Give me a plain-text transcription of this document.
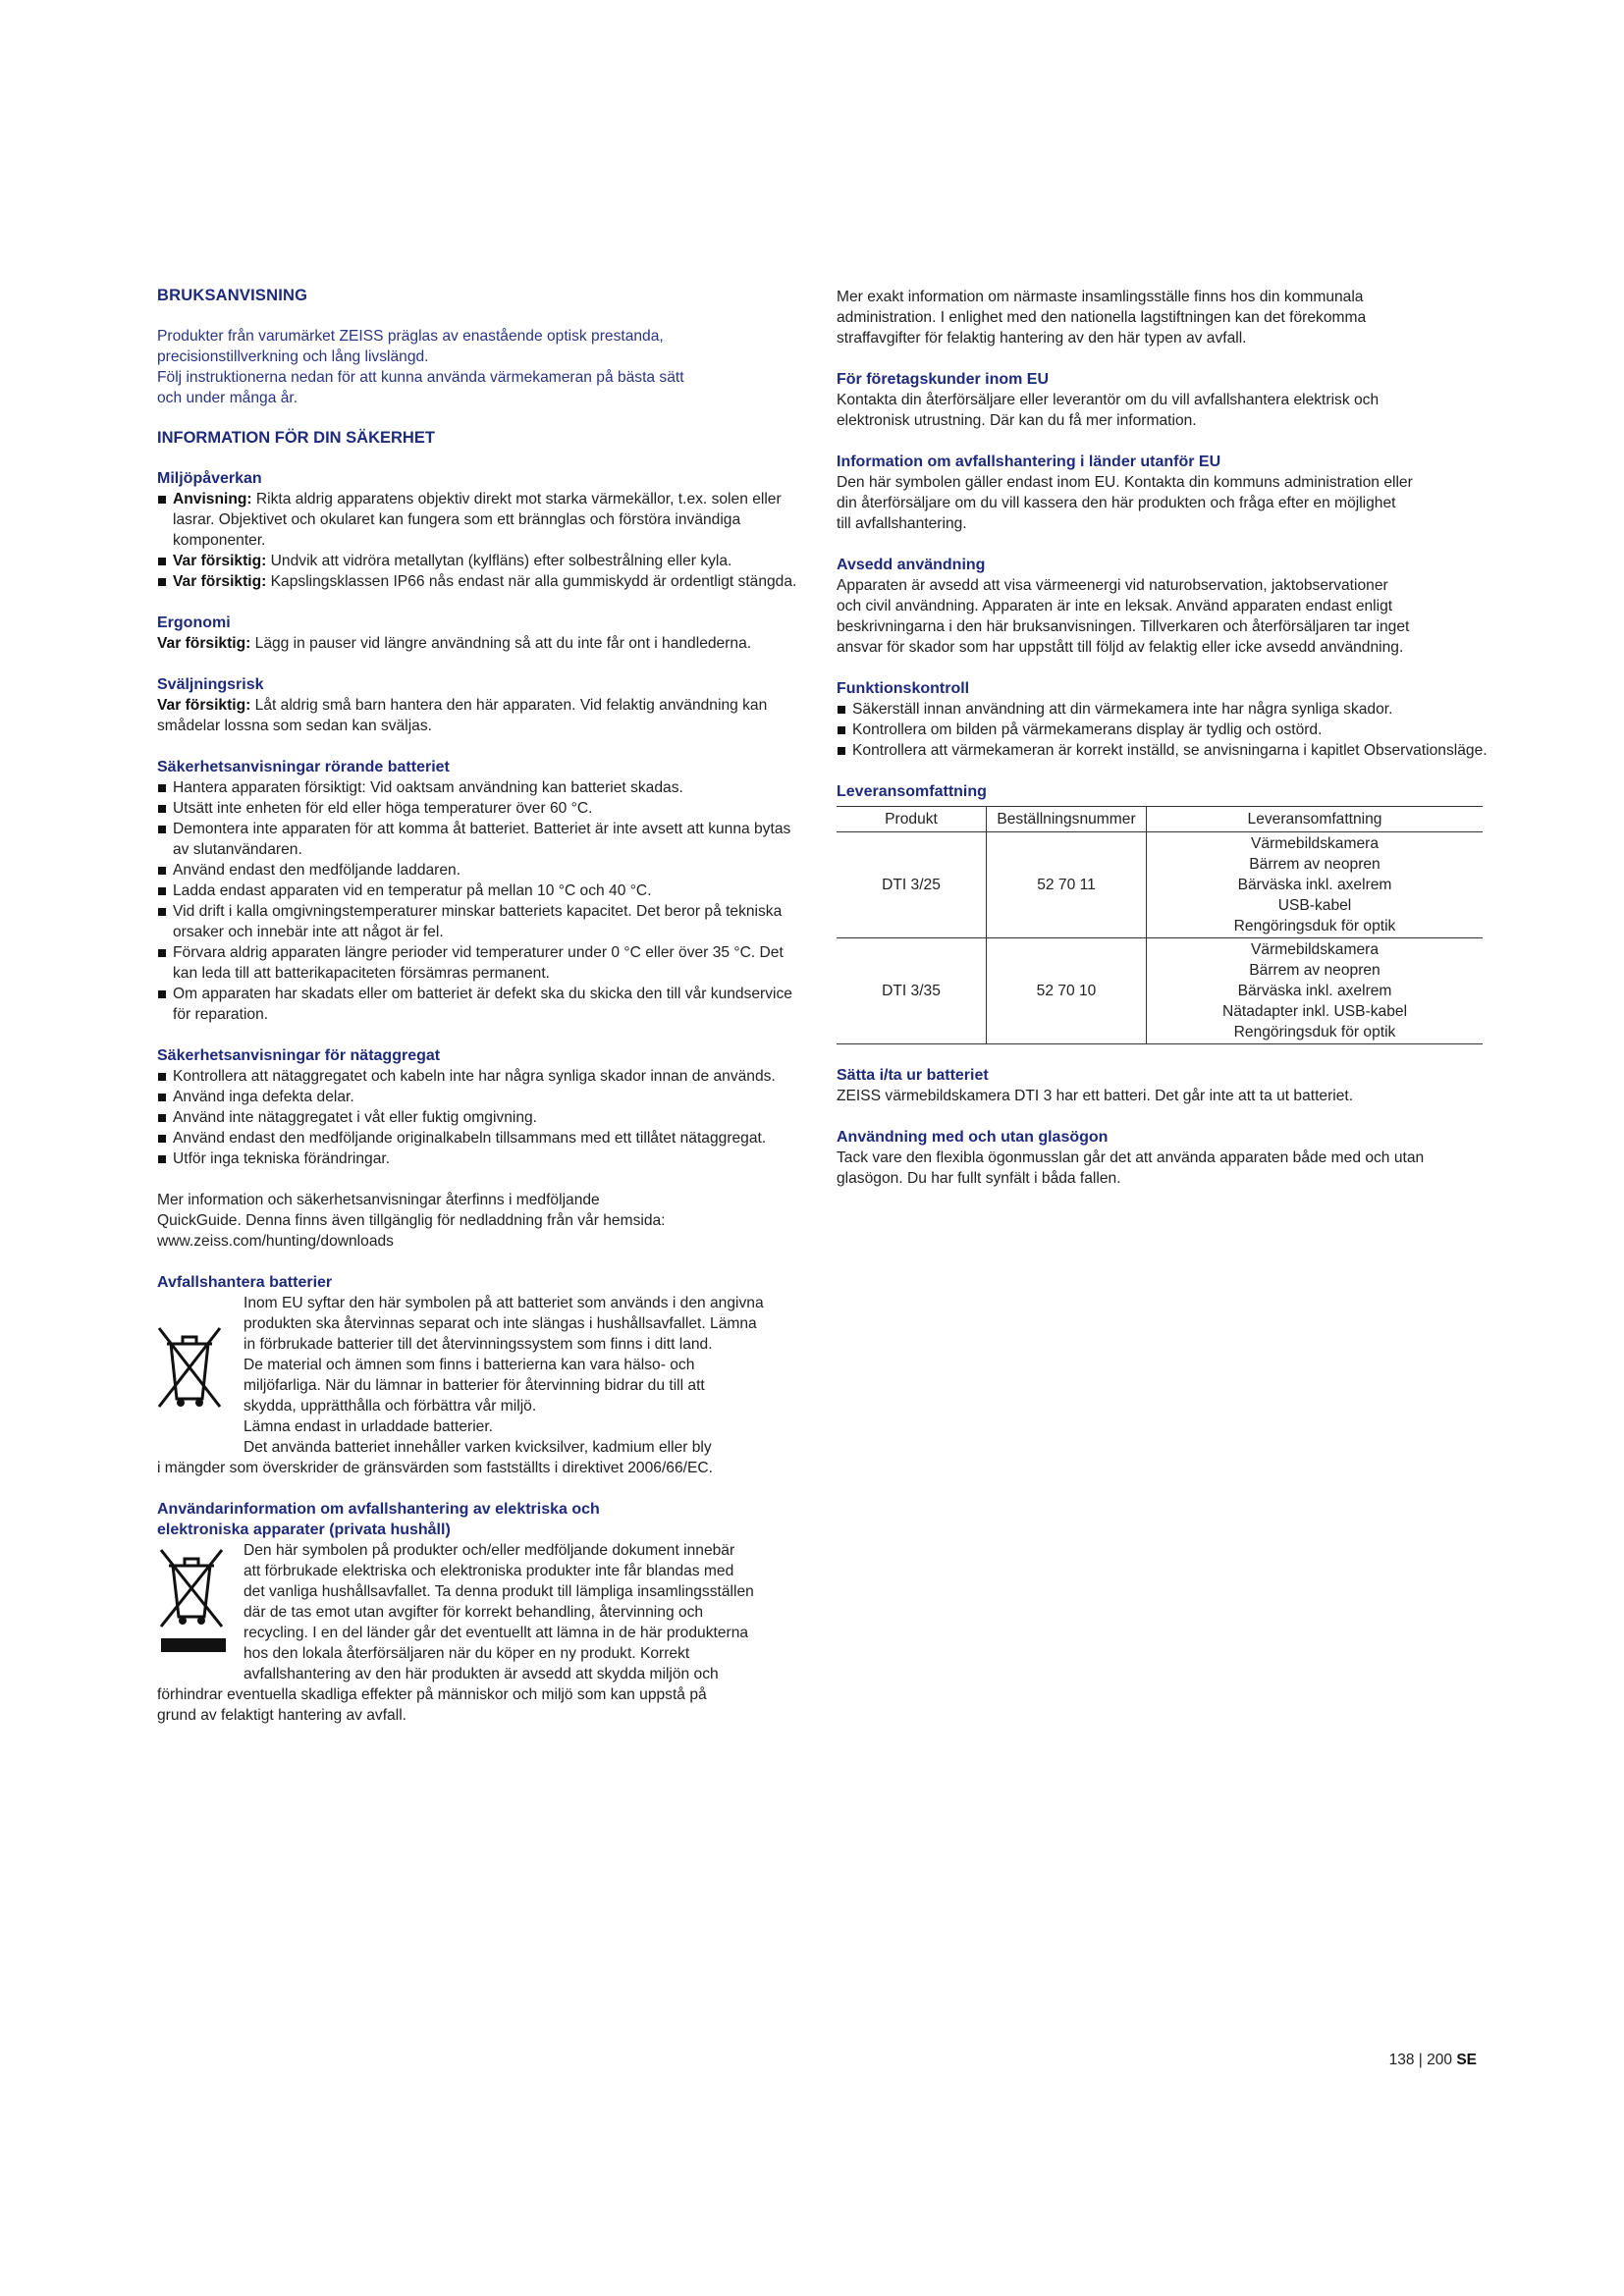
BRUKSANVISNING

Produkter från varumärket ZEISS präglas av enastående optisk prestanda,
precisionstillverkning och lång livslängd.
Följ instruktionerna nedan för att kunna använda värmekameran på bästa sätt
och under många år.

INFORMATION FÖR DIN SÄKERHET
Miljöpåverkan
Anvisning: Rikta aldrig apparatens objektiv direkt mot starka värmekällor, t.ex. solen eller lasrar. Objektivet och okularet kan fungera som ett brännglas och förstöra invändiga komponenter.
Var försiktig: Undvik att vidröra metallytan (kylfläns) efter solbestrålning eller kyla.
Var försiktig: Kapslingsklassen IP66 nås endast när alla gummiskydd är ordentligt stängda.
Ergonomi

Var försiktig: Lägg in pauser vid längre användning så att du inte får ont i handlederna.

Sväljningsrisk

Var försiktig: Låt aldrig små barn hantera den här apparaten. Vid felaktig användning kan smådelar lossna som sedan kan sväljas.

Säkerhetsanvisningar rörande batteriet
Hantera apparaten försiktigt: Vid oaktsam användning kan batteriet skadas.
Utsätt inte enheten för eld eller höga temperaturer över 60 °C.
Demontera inte apparaten för att komma åt batteriet. Batteriet är inte avsett att kunna bytas av slutanvändaren.
Använd endast den medföljande laddaren.
Ladda endast apparaten vid en temperatur på mellan 10 °C och 40 °C.
Vid drift i kalla omgivningstemperaturer minskar batteriets kapacitet. Det beror på tekniska orsaker och innebär inte att något är fel.
Förvara aldrig apparaten längre perioder vid temperaturer under 0 °C eller över 35 °C. Det kan leda till att batterikapaciteten försämras permanent.
Om apparaten har skadats eller om batteriet är defekt ska du skicka den till vår kundservice för reparation.
Säkerhetsanvisningar för nätaggregat
Kontrollera att nätaggregatet och kabeln inte har några synliga skador innan de används.
Använd inga defekta delar.
Använd inte nätaggregatet i våt eller fuktig omgivning.
Använd endast den medföljande originalkabeln tillsammans med ett tillåtet nätaggregat.
Utför inga tekniska förändringar.

Mer information och säkerhetsanvisningar återfinns i medföljande
QuickGuide. Denna finns även tillgänglig för nedladdning från vår hemsida:
www.zeiss.com/hunting/downloads

Avfallshantera batterier
Inom EU syftar den här symbolen på att batteriet som används i den angivna
produkten ska återvinnas separat och inte slängas i hushållsavfallet. Lämna
in förbrukade batterier till det återvinningssystem som finns i ditt land.
De material och ämnen som finns i batterierna kan vara hälso- och
miljöfarliga. När du lämnar in batterier för återvinning bidrar du till att
skydda, upprätthålla och förbättra vår miljö.
Lämna endast in urladdade batterier.
Det använda batteriet innehåller varken kvicksilver, kadmium eller bly
i mängder som överskrider de gränsvärden som fastställts i direktivet 2006/66/EC.
Användarinformation om avfallshantering av elektriska och
elektroniska apparater (privata hushåll)
Den här symbolen på produkter och/eller medföljande dokument innebär
att förbrukade elektriska och elektroniska produkter inte får blandas med
det vanliga hushållsavfallet. Ta denna produkt till lämpliga insamlingsställen
där de tas emot utan avgifter för korrekt behandling, återvinning och
recycling. I en del länder går det eventuellt att lämna in de här produkterna
hos den lokala återförsäljaren när du köper en ny produkt. Korrekt
avfallshantering av den här produkten är avsedd att skydda miljön och
förhindrar eventuella skadliga effekter på människor och miljö som kan uppstå på
grund av felaktigt hantering av avfall.

Mer exakt information om närmaste insamlingsställe finns hos din kommunala
administration. I enlighet med den nationella lagstiftningen kan det förekomma
straffavgifter för felaktig hantering av den här typen av avfall.

För företagskunder inom EU

Kontakta din återförsäljare eller leverantör om du vill avfallshantera elektrisk och
elektronisk utrustning. Där kan du få mer information.

Information om avfallshantering i länder utanför EU

Den här symbolen gäller endast inom EU. Kontakta din kommuns administration eller
din återförsäljare om du vill kassera den här produkten och fråga efter en möjlighet
till avfallshantering.

Avsedd användning

Apparaten är avsedd att visa värmeenergi vid naturobservation, jaktobservationer
och civil användning. Apparaten är inte en leksak. Använd apparaten endast enligt
beskrivningarna i den här bruksanvisningen. Tillverkaren och återförsäljaren tar inget
ansvar för skador som har uppstått till följd av felaktig eller icke avsedd användning.

Funktionskontroll
Säkerställ innan användning att din värmekamera inte har några synliga skador.
Kontrollera om bilden på värmekamerans display är tydlig och ostörd.
Kontrollera att värmekameran är korrekt inställd, se anvisningarna i kapitlet Observationsläge.
Leveransomfattning
Produkt	Beställningsnummer	Leveransomfattning
DTI 3/25	52 70 11	Värmebildskamera
Bärrem av neopren
Bärväska inkl. axelrem
USB-kabel
Rengöringsduk för optik

DTI 3/35	52 70 10	Värmebildskamera
Bärrem av neopren
Bärväska inkl. axelrem
Nätadapter inkl. USB-kabel
Rengöringsduk för optik
Sätta i/ta ur batteriet

ZEISS värmebildskamera DTI 3 har ett batteri. Det går inte att ta ut batteriet.

Användning med och utan glasögon

Tack vare den flexibla ögonmusslan går det att använda apparaten både med och utan
glasögon. Du har fullt synfält i båda fallen.

138 | 200 SE
